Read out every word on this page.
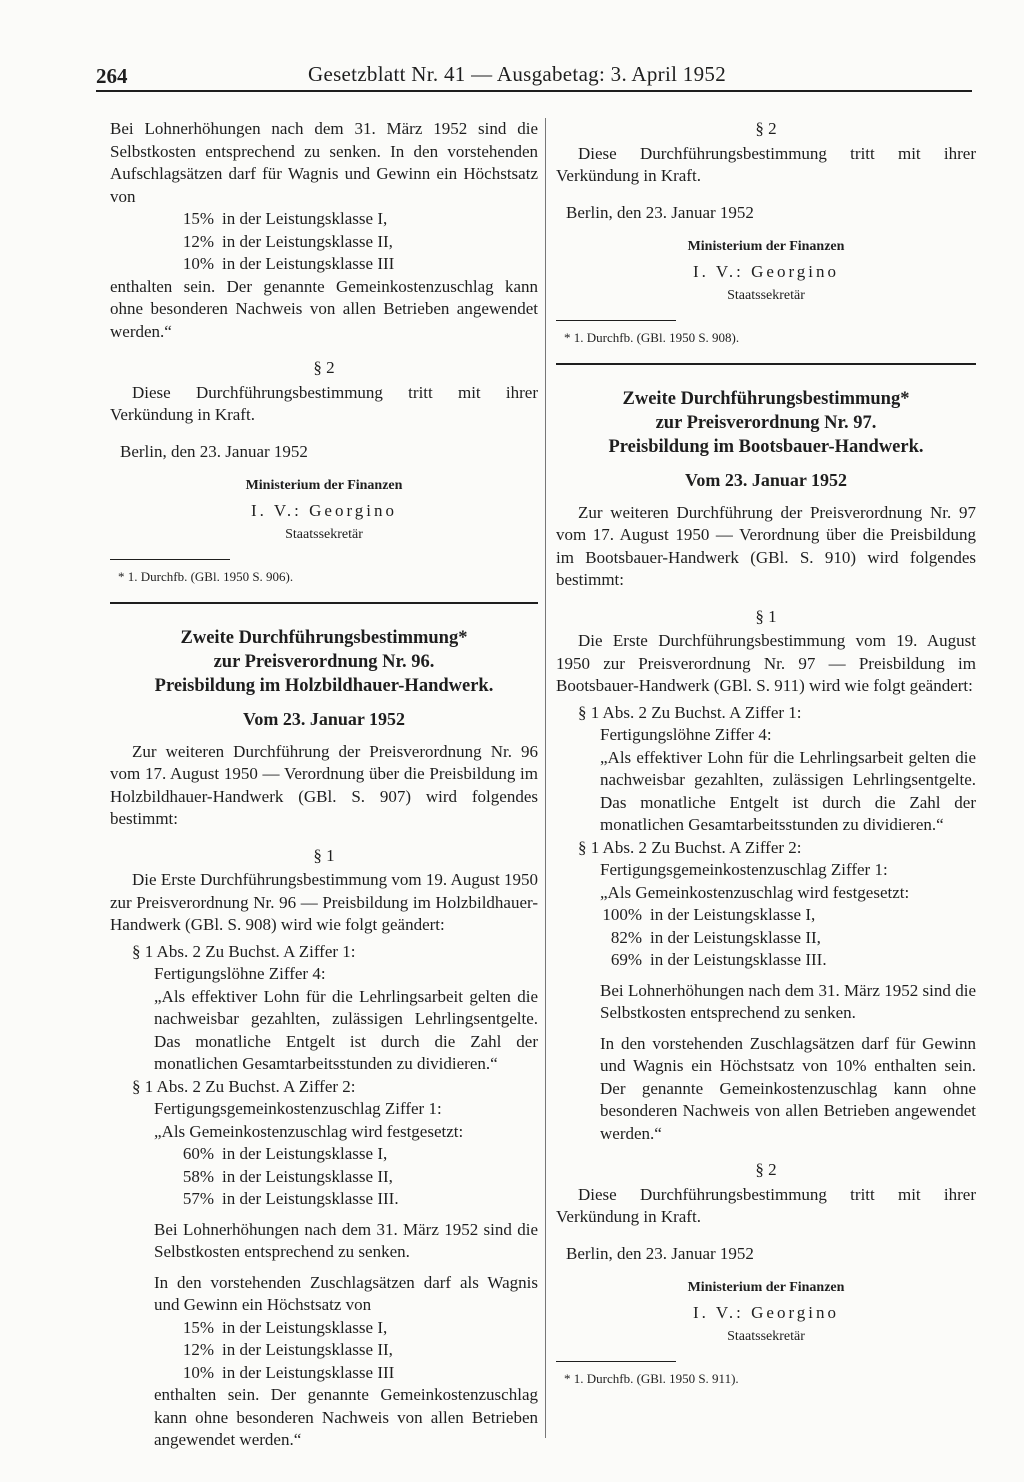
264	Gesetzblatt Nr. 41 — Ausgabetag: 3. April 1952

Bei Lohnerhöhungen nach dem 31. März 1952 sind die Selbstkosten entsprechend zu senken. In den vorstehenden Aufschlagsätzen darf für Wagnis und Gewinn ein Höchstsatz von

15% in der Leistungsklasse I,
12% in der Leistungsklasse II,
10% in der Leistungsklasse III

enthalten sein. Der genannte Gemeinkostenzuschlag kann ohne besonderen Nachweis von allen Betrieben angewendet werden.“

§ 2

Diese Durchführungsbestimmung tritt mit ihrer Verkündung in Kraft.

Berlin, den 23. Januar 1952

Ministerium der Finanzen
I. V.: Georgino
Staatssekretär
* 1. Durchfb. (GBl. 1950 S. 906).
Zweite Durchführungsbestimmung*
zur Preisverordnung Nr. 96.
Preisbildung im Holzbildhauer-Handwerk.
Vom 23. Januar 1952

Zur weiteren Durchführung der Preisverordnung Nr. 96 vom 17. August 1950 — Verordnung über die Preisbildung im Holzbildhauer-Handwerk (GBl. S. 907) wird folgendes bestimmt:

§ 1

Die Erste Durchführungsbestimmung vom 19. August 1950 zur Preisverordnung Nr. 96 — Preisbildung im Holzbildhauer-Handwerk (GBl. S. 908) wird wie folgt geändert:

§ 1 Abs. 2 Zu Buchst. A Ziffer 1:

Fertigungslöhne Ziffer 4:

„Als effektiver Lohn für die Lehrlingsarbeit gelten die nachweisbar gezahlten, zulässigen Lehrlingsentgelte. Das monatliche Entgelt ist durch die Zahl der monatlichen Gesamtarbeitsstunden zu dividieren.“

§ 1 Abs. 2 Zu Buchst. A Ziffer 2:

Fertigungsgemeinkostenzuschlag Ziffer 1:

„Als Gemeinkostenzuschlag wird festgesetzt:

60% in der Leistungsklasse I,
58% in der Leistungsklasse II,
57% in der Leistungsklasse III.

Bei Lohnerhöhungen nach dem 31. März 1952 sind die Selbstkosten entsprechend zu senken.

In den vorstehenden Zuschlagsätzen darf als Wagnis und Gewinn ein Höchstsatz von

15% in der Leistungsklasse I,
12% in der Leistungsklasse II,
10% in der Leistungsklasse III

enthalten sein. Der genannte Gemeinkostenzuschlag kann ohne besonderen Nachweis von allen Betrieben angewendet werden.“

§ 2

Diese Durchführungsbestimmung tritt mit ihrer Verkündung in Kraft.

Berlin, den 23. Januar 1952

Ministerium der Finanzen
I. V.: Georgino
Staatssekretär
* 1. Durchfb. (GBl. 1950 S. 908).
Zweite Durchführungsbestimmung*
zur Preisverordnung Nr. 97.
Preisbildung im Bootsbauer-Handwerk.
Vom 23. Januar 1952

Zur weiteren Durchführung der Preisverordnung Nr. 97 vom 17. August 1950 — Verordnung über die Preisbildung im Bootsbauer-Handwerk (GBl. S. 910) wird folgendes bestimmt:

§ 1

Die Erste Durchführungsbestimmung vom 19. August 1950 zur Preisverordnung Nr. 97 — Preisbildung im Bootsbauer-Handwerk (GBl. S. 911) wird wie folgt geändert:

§ 1 Abs. 2 Zu Buchst. A Ziffer 1:

Fertigungslöhne Ziffer 4:

„Als effektiver Lohn für die Lehrlingsarbeit gelten die nachweisbar gezahlten, zulässigen Lehrlingsentgelte. Das monatliche Entgelt ist durch die Zahl der monatlichen Gesamtarbeitsstunden zu dividieren.“

§ 1 Abs. 2 Zu Buchst. A Ziffer 2:

Fertigungsgemeinkostenzuschlag Ziffer 1:

„Als Gemeinkostenzuschlag wird festgesetzt:

100% in der Leistungsklasse I,
82% in der Leistungsklasse II,
69% in der Leistungsklasse III.

Bei Lohnerhöhungen nach dem 31. März 1952 sind die Selbstkosten entsprechend zu senken.

In den vorstehenden Zuschlagsätzen darf für Gewinn und Wagnis ein Höchstsatz von 10% enthalten sein. Der genannte Gemeinkostenzuschlag kann ohne besonderen Nachweis von allen Betrieben angewendet werden.“

§ 2

Diese Durchführungsbestimmung tritt mit ihrer Verkündung in Kraft.

Berlin, den 23. Januar 1952

Ministerium der Finanzen
I. V.: Georgino
Staatssekretär
* 1. Durchfb. (GBl. 1950 S. 911).
